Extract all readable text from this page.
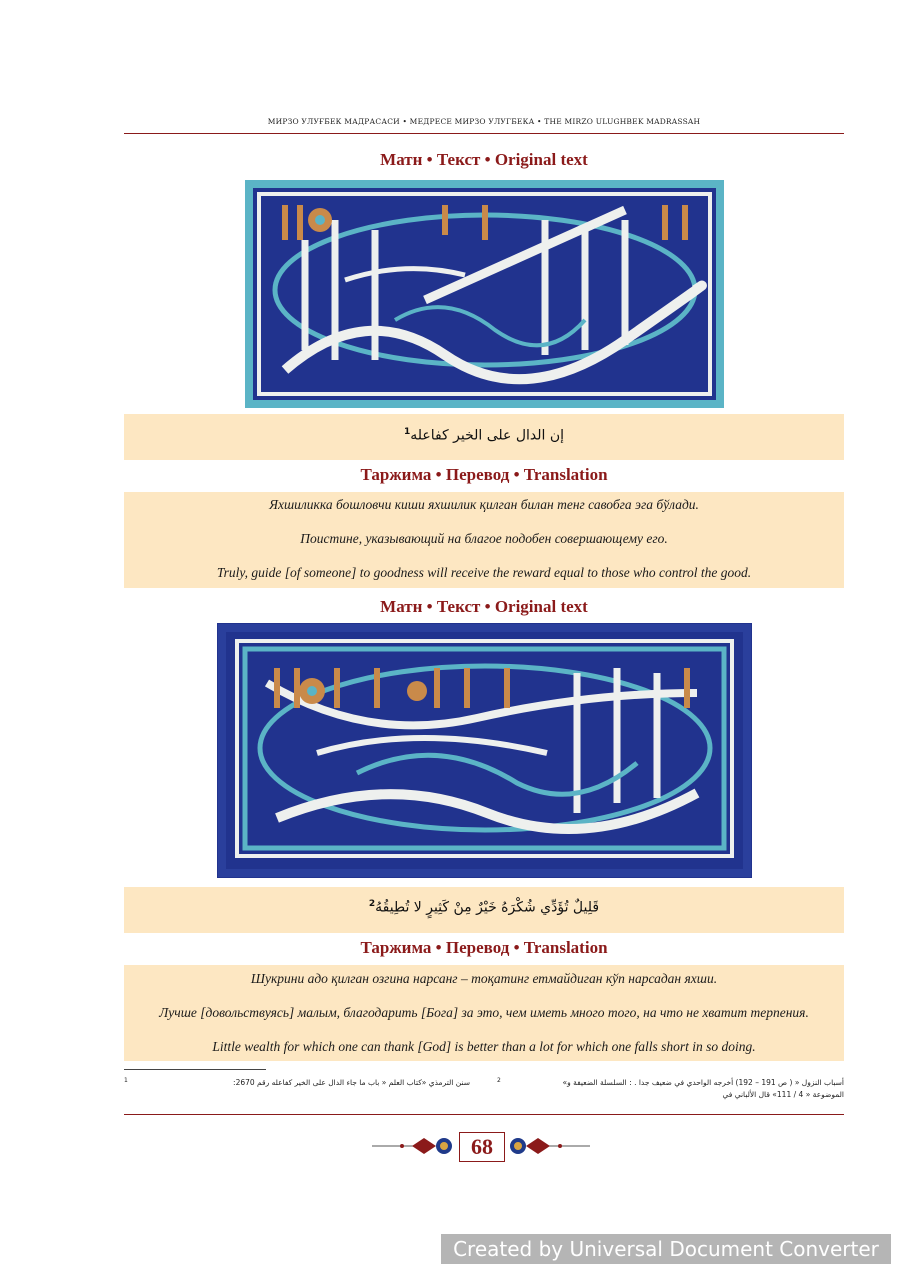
МИРЗО УЛУҒБЕК МАДРАСАСИ • МЕДРЕСЕ МИРЗО УЛУГБЕКА • THE MIRZO ULUGHBEK MADRASSAH
Матн • Текст • Original text
إن الدال على الخير كفاعله$^1$
Таржима • Перевод • Translation
Яхшиликка бошловчи киши яхшилик қилган билан тенг савобга эга бўлади.
Поистине, указывающий на благое подобен совершающему его.
Truly, guide [of someone] to goodness will receive the reward equal to those who control the good.
Матн • Текст • Original text
قَلِيلٌ تُؤَدِّي شُكْرَهُ خَيْرٌ مِنْ كَثِيرٍ لا تُطِيقُهُ$^2$
Таржима • Перевод • Translation
Шукрини адо қилган озгина нарсанг – тоқатинг етмайдиган кўп нарсадан яхши.
Лучше [довольствуясь] малым, благодарить [Бога] за это, чем иметь много того, на что не хватит терпения.
Little wealth for which one can thank [God] is better than a lot for which one falls short in so doing.
1	سنن الترمذي «كتاب العلم « باب ما جاء الدال على الخير كفاعله رقم 2670:	2	أسباب النزول « ( ص 191 – 192) أخرجه الواحدي في ضعيف جدا . : السلسلة الضعيفة و»
الموضوعة « 4 / 111» قال الألباني في
68
Created by Universal Document Converter
